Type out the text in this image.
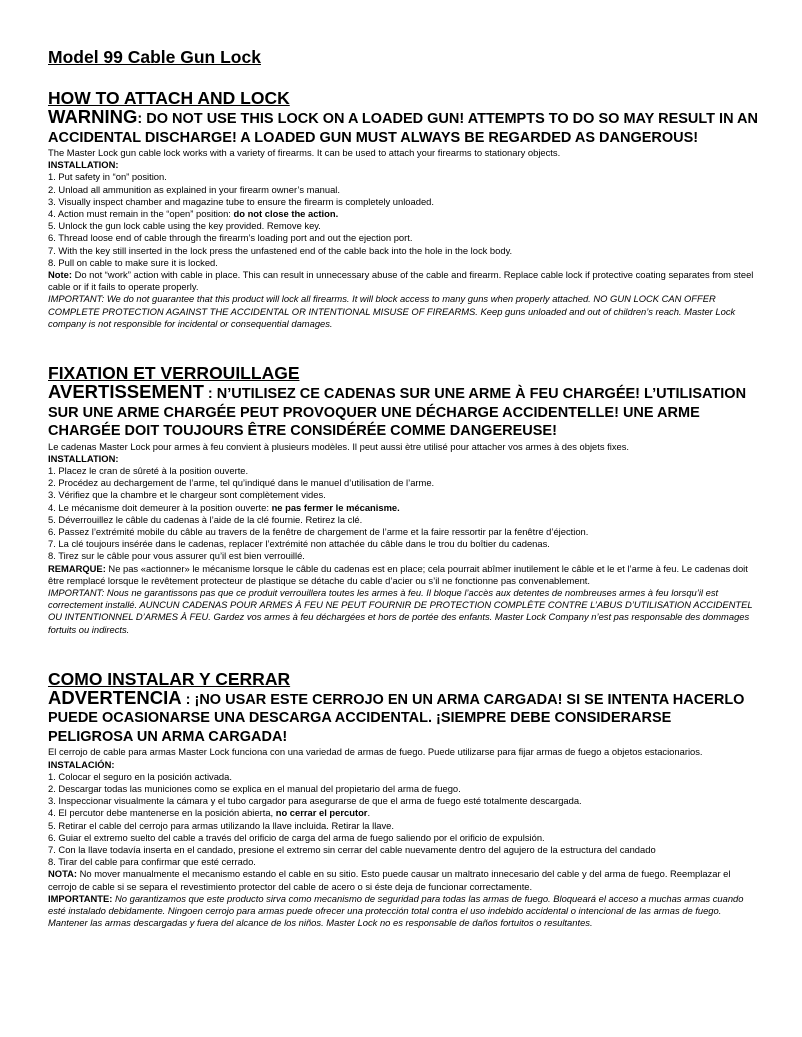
Model 99 Cable Gun Lock
HOW TO ATTACH AND LOCK

WARNING: DO NOT USE THIS LOCK ON A LOADED GUN! ATTEMPTS TO DO SO MAY RESULT IN AN ACCIDENTAL DISCHARGE! A LOADED GUN MUST ALWAYS BE REGARDED AS DANGEROUS!

The Master Lock gun cable lock works with a variety of firearms. It can be used to attach your firearms to stationary objects.

INSTALLATION:

1. Put safety in “on” position.
2. Unload all ammunition as explained in your firearm owner’s manual.
3. Visually inspect chamber and magazine tube to ensure the firearm is completely unloaded.
4. Action must remain in the “open” position: do not close the action.
5. Unlock the gun lock cable using the key provided. Remove key.
6. Thread loose end of cable through the firearm’s loading port and out the ejection port.
7. With the key still inserted in the lock press the unfastened end of the cable back into the hole in the lock body.
8. Pull on cable to make sure it is locked.

Note: Do not “work” action with cable in place. This can result in unnecessary abuse of the cable and firearm. Replace cable lock if protective coating separates from steel cable or if it fails to operate properly.

IMPORTANT: We do not guarantee that this product will lock all firearms. It will block access to many guns when properly attached. NO GUN LOCK CAN OFFER COMPLETE PROTECTION AGAINST THE ACCIDENTAL OR INTENTIONAL MISUSE OF FIREARMS. Keep guns unloaded and out of children’s reach. Master Lock company is not responsible for incidental or consequential damages.

FIXATION ET VERROUILLAGE

AVERTISSEMENT : N’UTILISEZ CE CADENAS SUR UNE ARME À FEU CHARGÉE! L’UTILISATION SUR UNE ARME CHARGÉE PEUT PROVOQUER UNE DÉCHARGE ACCIDENTELLE! UNE ARME CHARGÉE DOIT TOUJOURS ÊTRE CONSIDÉRÉE COMME DANGEREUSE!

Le cadenas Master Lock pour armes à feu convient à plusieurs modèles. Il peut aussi ètre utilisé pour attacher vos armes à des objets fixes.

INSTALLATION:

1. Placez le cran de sûreté à la position ouverte.
2. Procédez au dechargement de l’arme, tel qu’indiqué dans le manuel d’utilisation de l’arme.
3. Vérifiez que la chambre et le chargeur sont complètement vides.
4. Le mécanisme doit demeurer à la position ouverte: ne pas fermer le mécanisme.
5. Déverrouillez le câble du cadenas à l’aide de la clé fournie. Retirez la clé.
6. Passez l’extrémité mobile du câble au travers de la fenêtre de chargement de l’arme et la faire ressortir par la fenêtre d’éjection.
7. La clé toujours insérée dans le cadenas, replacer l’extrémité non attachée du câble dans le trou du boîtier du cadenas.
8. Tirez sur le câble pour vous assurer qu’il est bien verrouillé.

REMARQUE: Ne pas «actionner» le mécanisme lorsque le câble du cadenas est en place; cela pourrait abîmer inutilement le câble et le et l’arme à feu. Le cadenas doit être remplacé lorsque le revêtement protecteur de plastique se détache du cable d’acier ou s’il ne fonctionne pas convenablement.

IMPORTANT: Nous ne garantissons pas que ce produit verrouillera toutes les armes à feu. Il bloque l’accès aux detentes de nombreuses armes à feu lorsqu’il est correctement installé. AUNCUN CADENAS POUR ARMES À FEU NE PEUT FOURNIR DE PROTECTION COMPLÈTE CONTRE L’ABUS D’UTILISATION ACCIDENTEL OU INTENTIONNEL D’ARMES À FEU. Gardez vos armes à feu déchargées et hors de portée des enfants. Master Lock Company n’est pas responsable des dommages fortuits ou indirects.

COMO INSTALAR Y CERRAR

ADVERTENCIA : ¡NO USAR ESTE CERROJO EN UN ARMA CARGADA! SI SE INTENTA HACERLO PUEDE OCASIONARSE UNA DESCARGA ACCIDENTAL. ¡SIEMPRE DEBE CONSIDERARSE PELIGROSA UN ARMA CARGADA!

El cerrojo de cable para armas Master Lock funciona con una variedad de armas de fuego. Puede utilizarse para fijar armas de fuego a objetos estacionarios.

INSTALACIÓN:

1. Colocar el seguro en la posición activada.
2. Descargar todas las municiones como se explica en el manual del propietario del arma de fuego.
3. Inspeccionar visualmente la cámara y el tubo cargador para asegurarse de que el arma de fuego esté totalmente descargada.
4. El percutor debe mantenerse en la posición abierta, no cerrar el percutor.
5. Retirar el cable del cerrojo para armas utilizando la llave incluida. Retirar la llave.
6. Guiar el extremo suelto del cable a través del orificio de carga del arma de fuego saliendo por el orificio de expulsión.
7. Con la llave todavía inserta en el candado, presione el extremo sin cerrar del cable nuevamente dentro del agujero de la estructura del candado
8. Tirar del cable para confirmar que esté cerrado.

NOTA: No mover manualmente el mecanismo estando el cable en su sitio. Esto puede causar un maltrato innecesario del cable y del arma de fuego. Reemplazar el cerrojo de cable si se separa el revestimiento protector del cable de acero o si éste deja de funcionar correctamente.

IMPORTANTE: No garantizamos que este producto sirva como mecanismo de seguridad para todas las armas de fuego. Bloqueará el acceso a muchas armas cuando esté instalado debidamente. Ningoen cerrojo para armas puede ofrecer una protección total contra el uso indebido accidental o intencional de las armas de fuego. Mantener las armas descargadas y fuera del alcance de los niños. Master Lock no es responsable de daños fortuitos o resultantes.
